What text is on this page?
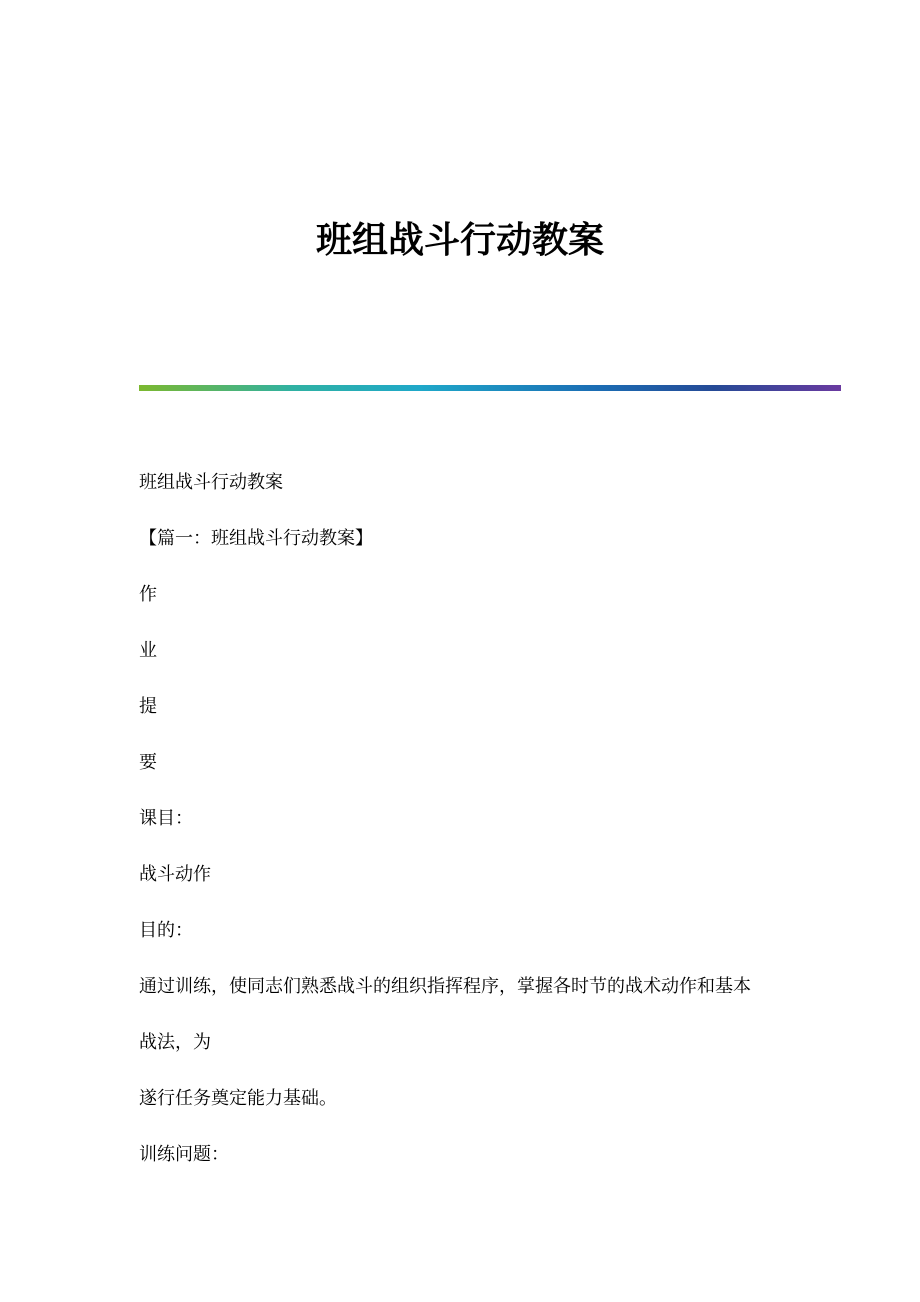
班组战斗行动教案

班组战斗行动教案

【篇一：班组战斗行动教案】

作

业

提

要

课目：

战斗动作

目的：

通过训练，使同志们熟悉战斗的组织指挥程序，掌握各时节的战术动作和基本

战法，为

遂行任务奠定能力基础。

训练问题：
